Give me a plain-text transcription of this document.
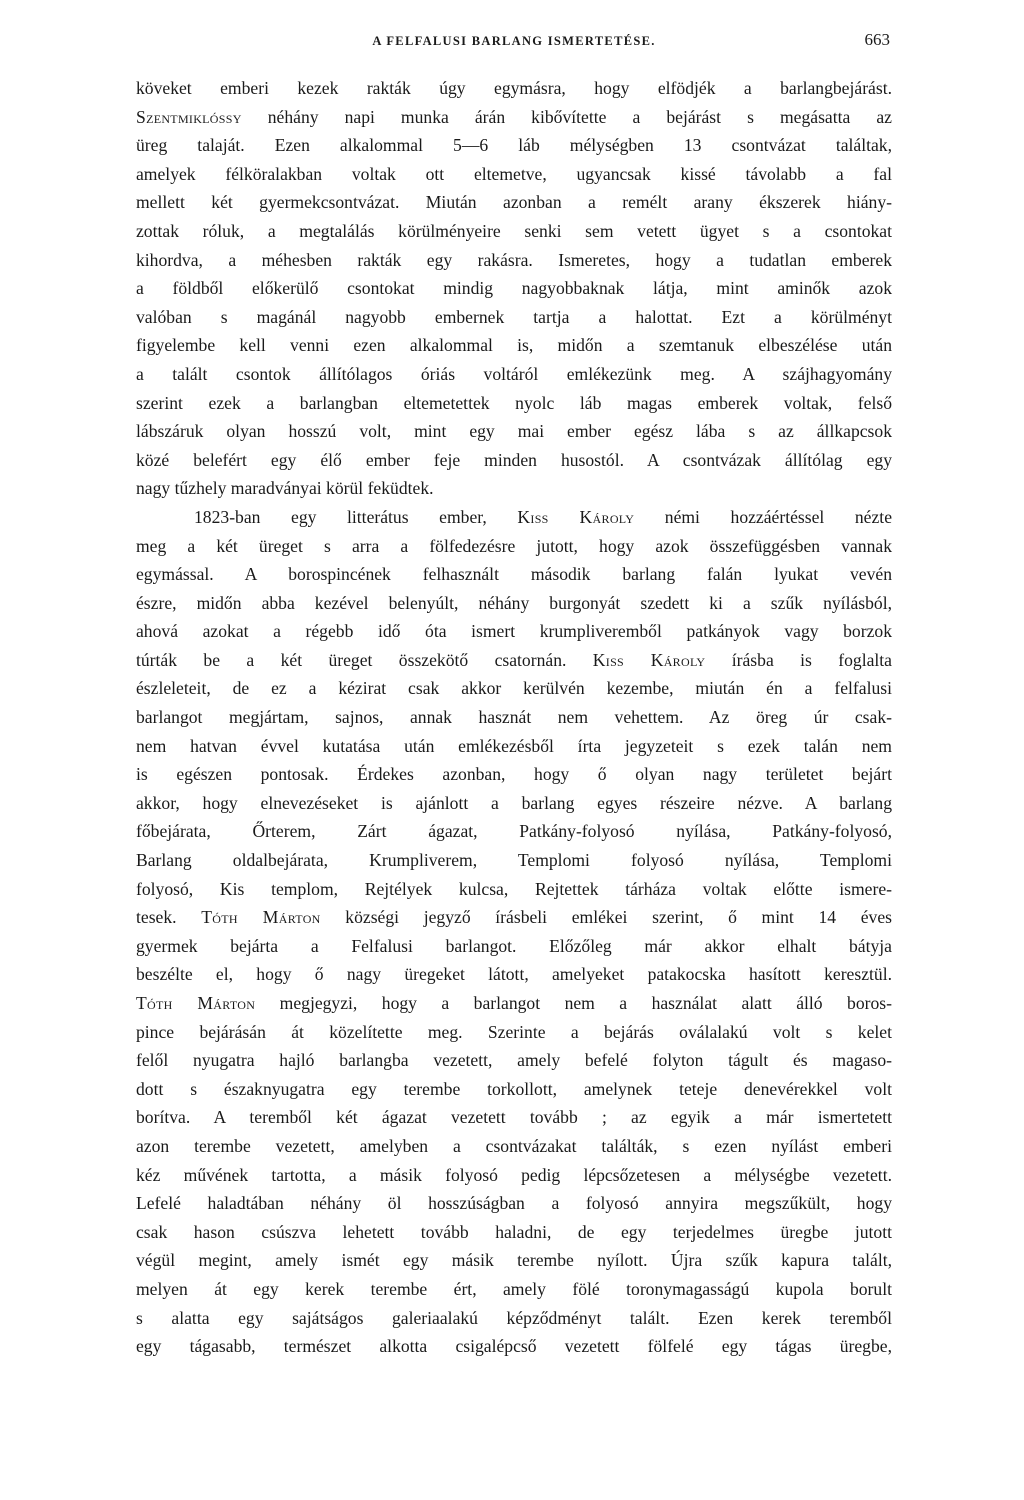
A FELFALUSI BARLANG ISMERTETÉSE.	663

köveket emberi kezek rakták úgy egymásra, hogy elfödjék a barlangbejárást.

Szentmiklóssy néhány napi munka árán kibővítette a bejárást s megásatta az

üreg talaját. Ezen alkalommal 5—6 láb mélységben 13 csontvázat találtak,

amelyek félköralakban voltak ott eltemetve, ugyancsak kissé távolabb a fal

mellett két gyermekcsontvázat. Miután azonban a remélt arany ékszerek hiány-

zottak róluk, a megtalálás körülményeire senki sem vetett ügyet s a csontokat

kihordva, a méhesben rakták egy rakásra. Ismeretes, hogy a tudatlan emberek

a földből előkerülő csontokat mindig nagyobbaknak látja, mint aminők azok

valóban s magánál nagyobb embernek tartja a halottat. Ezt a körülményt

figyelembe kell venni ezen alkalommal is, midőn a szemtanuk elbeszélése után

a talált csontok állítólagos óriás voltáról emlékezünk meg. A szájhagyomány

szerint ezek a barlangban eltemetettek nyolc láb magas emberek voltak, felső

lábszáruk olyan hosszú volt, mint egy mai ember egész lába s az állkapcsok

közé belefért egy élő ember feje minden husostól. A csontvázak állítólag egy

nagy tűzhely maradványai körül feküdtek.

1823-ban egy litterátus ember, Kiss Károly némi hozzáértéssel nézte

meg a két üreget s arra a fölfedezésre jutott, hogy azok összefüggésben vannak

egymással. A borospincének felhasznált második barlang falán lyukat vevén

észre, midőn abba kezével belenyúlt, néhány burgonyát szedett ki a szűk nyílásból,

ahová azokat a régebb idő óta ismert krumpliveremből patkányok vagy borzok

túrták be a két üreget összekötő csatornán. Kiss Károly írásba is foglalta

észleleteit, de ez a kézirat csak akkor kerülvén kezembe, miután én a felfalusi

barlangot megjártam, sajnos, annak hasznát nem vehettem. Az öreg úr csak-

nem hatvan évvel kutatása után emlékezésből írta jegyzeteit s ezek talán nem

is egészen pontosak. Érdekes azonban, hogy ő olyan nagy területet bejárt

akkor, hogy elnevezéseket is ajánlott a barlang egyes részeire nézve. A barlang

főbejárata, Őrterem, Zárt ágazat, Patkány-folyosó nyílása, Patkány-folyosó,

Barlang oldalbejárata, Krumpliverem, Templomi folyosó nyílása, Templomi

folyosó, Kis templom, Rejtélyek kulcsa, Rejtettek tárháza voltak előtte ismere-

tesek. Tóth Márton községi jegyző írásbeli emlékei szerint, ő mint 14 éves

gyermek bejárta a Felfalusi barlangot. Előzőleg már akkor elhalt bátyja

beszélte el, hogy ő nagy üregeket látott, amelyeket patakocska hasított keresztül.

Tóth Márton megjegyzi, hogy a barlangot nem a használat alatt álló boros-

pince bejárásán át közelítette meg. Szerinte a bejárás oválalakú volt s kelet

felől nyugatra hajló barlangba vezetett, amely befelé folyton tágult és magaso-

dott s északnyugatra egy terembe torkollott, amelynek teteje denevérekkel volt

borítva. A teremből két ágazat vezetett tovább ; az egyik a már ismertetett

azon terembe vezetett, amelyben a csontvázakat találták, s ezen nyílást emberi

kéz művének tartotta, a másik folyosó pedig lépcsőzetesen a mélységbe vezetett.

Lefelé haladtában néhány öl hosszúságban a folyosó annyira megszűkült, hogy

csak hason csúszva lehetett tovább haladni, de egy terjedelmes üregbe jutott

végül megint, amely ismét egy másik terembe nyílott. Újra szűk kapura talált,

melyen át egy kerek terembe ért, amely fölé toronymagasságú kupola borult

s alatta egy sajátságos galeriaalakú képződményt talált. Ezen kerek teremből

egy tágasabb, természet alkotta csigalépcső vezetett fölfelé egy tágas üregbe,
